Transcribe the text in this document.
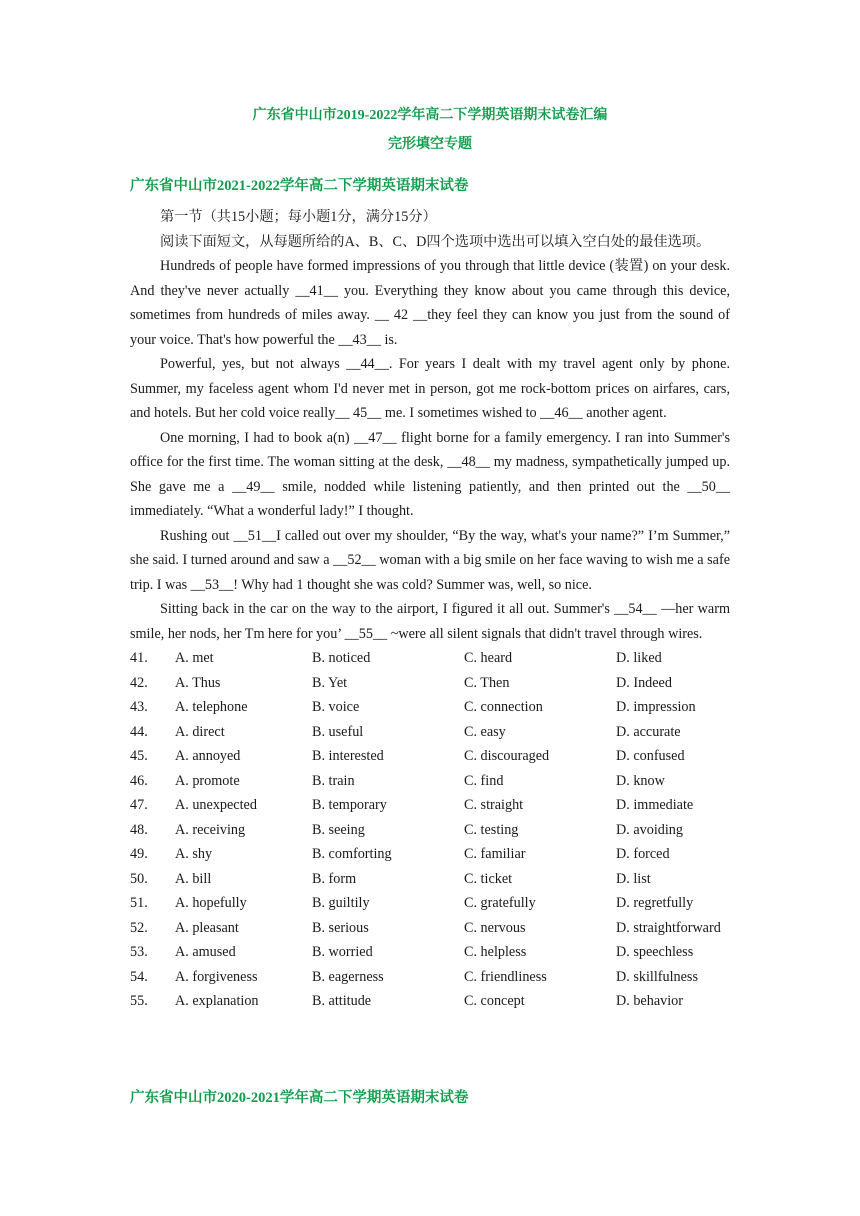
广东省中山市2019-2022学年高二下学期英语期末试卷汇编
完形填空专题
广东省中山市2021-2022学年高二下学期英语期末试卷

第一节（共15小题；每小题1分，满分15分）

阅读下面短文，从每题所给的A、B、C、D四个选项中选出可以填入空白处的最佳选项。

Hundreds of people have formed impressions of you through that little device (装置) on your desk. And they've never actually __41__ you. Everything they know about you came through this device, sometimes from hundreds of miles away. __ 42 __they feel they can know you just from the sound of your voice. That's how powerful the __43__ is.

Powerful, yes, but not always __44__. For years I dealt with my travel agent only by phone. Summer, my faceless agent whom I'd never met in person, got me rock-bottom prices on airfares, cars, and hotels. But her cold voice really__ 45__ me. I sometimes wished to __46__ another agent.

One morning, I had to book a(n) __47__ flight borne for a family emergency. I ran into Summer's office for the first time. The woman sitting at the desk, __48__ my madness, sympathetically jumped up. She gave me a __49__ smile, nodded while listening patiently, and then printed out the __50__ immediately. “What a wonderful lady!” I thought.

Rushing out __51__I called out over my shoulder, “By the way, what's your name?” I’m Summer,” she said. I turned around and saw a __52__ woman with a big smile on her face waving to wish me a safe trip. I was __53__! Why had 1 thought she was cold? Summer was, well, so nice.

Sitting back in the car on the way to the airport, I figured it all out. Summer's __54__ —her warm smile, her nods, her Tm here for you’ __55__ ~were all silent signals that didn't travel through wires.

41.	A. met	B. noticed	C. heard	D. liked
42.	A. Thus	B. Yet	C. Then	D. Indeed
43.	A. telephone	B. voice	C. connection	D. impression
44.	A. direct	B. useful	C. easy	D. accurate
45.	A. annoyed	B. interested	C. discouraged	D. confused
46.	A. promote	B. train	C. find	D. know
47.	A. unexpected	B. temporary	C. straight	D. immediate
48.	A. receiving	B. seeing	C. testing	D. avoiding
49.	A. shy	B. comforting	C. familiar	D. forced
50.	A. bill	B. form	C. ticket	D. list
51.	A. hopefully	B. guiltily	C. gratefully	D. regretfully
52.	A. pleasant	B. serious	C. nervous	D. straightforward
53.	A. amused	B. worried	C. helpless	D. speechless
54.	A. forgiveness	B. eagerness	C. friendliness	D. skillfulness
55.	A. explanation	B. attitude	C. concept	D. behavior
广东省中山市2020-2021学年高二下学期英语期末试卷
